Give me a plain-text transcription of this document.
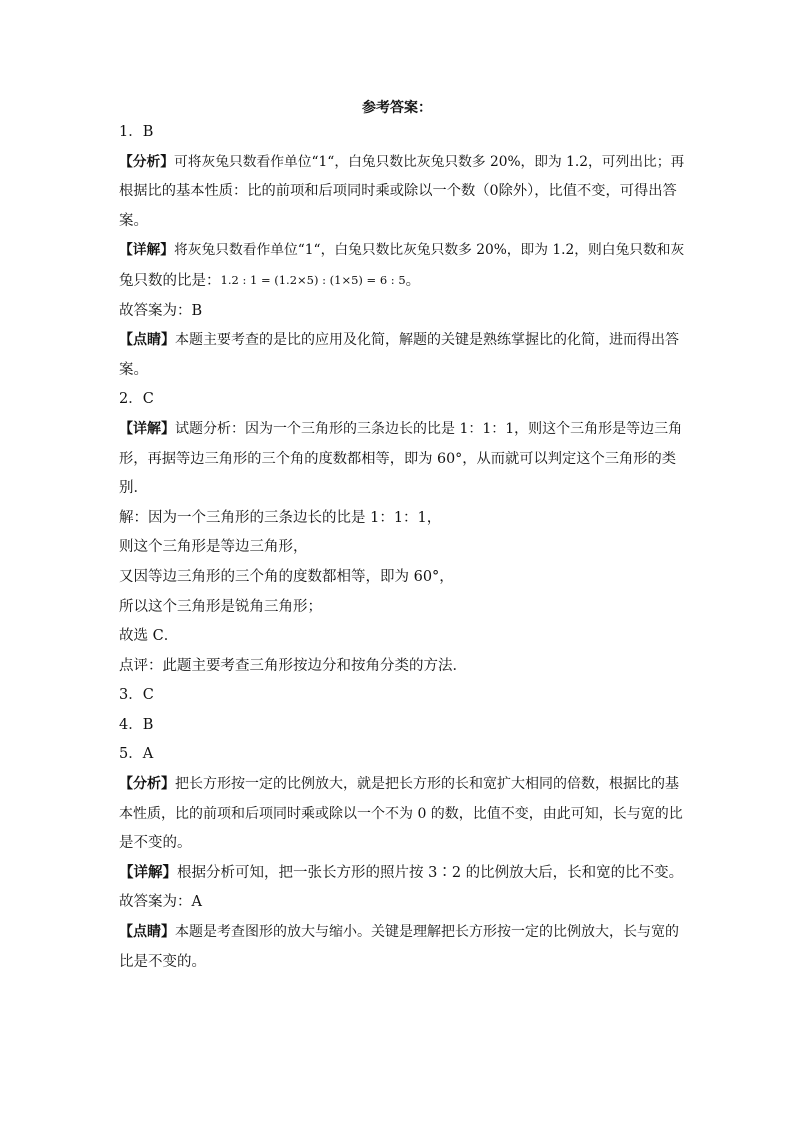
参考答案：
1．B
【分析】可将灰兔只数看作单位“1“，白兔只数比灰兔只数多 20%，即为 1.2，可列出比；再
根据比的基本性质：比的前项和后项同时乘或除以一个数（0除外），比值不变，可得出答
案。
【详解】将灰兔只数看作单位“1“，白兔只数比灰兔只数多 20%，即为 1.2，则白兔只数和灰
兔只数的比是：1.2 : 1 = (1.2×5) : (1×5) = 6 : 5。
故答案为：B
【点睛】本题主要考查的是比的应用及化简，解题的关键是熟练掌握比的化简，进而得出答
案。
2．C
【详解】试题分析：因为一个三角形的三条边长的比是 1：1：1，则这个三角形是等边三角
形，再据等边三角形的三个角的度数都相等，即为 60°，从而就可以判定这个三角形的类
别．
解：因为一个三角形的三条边长的比是 1：1：1，
则这个三角形是等边三角形，
又因等边三角形的三个角的度数都相等，即为 60°，
所以这个三角形是锐角三角形；
故选 C．
点评：此题主要考查三角形按边分和按角分类的方法．
3．C
4．B
5．A
【分析】把长方形按一定的比例放大，就是把长方形的长和宽扩大相同的倍数，根据比的基
本性质，比的前项和后项同时乘或除以一个不为 0 的数，比值不变，由此可知，长与宽的比
是不变的。
【详解】根据分析可知，把一张长方形的照片按 3∶2 的比例放大后，长和宽的比不变。
故答案为：A
【点睛】本题是考查图形的放大与缩小。关键是理解把长方形按一定的比例放大，长与宽的
比是不变的。
